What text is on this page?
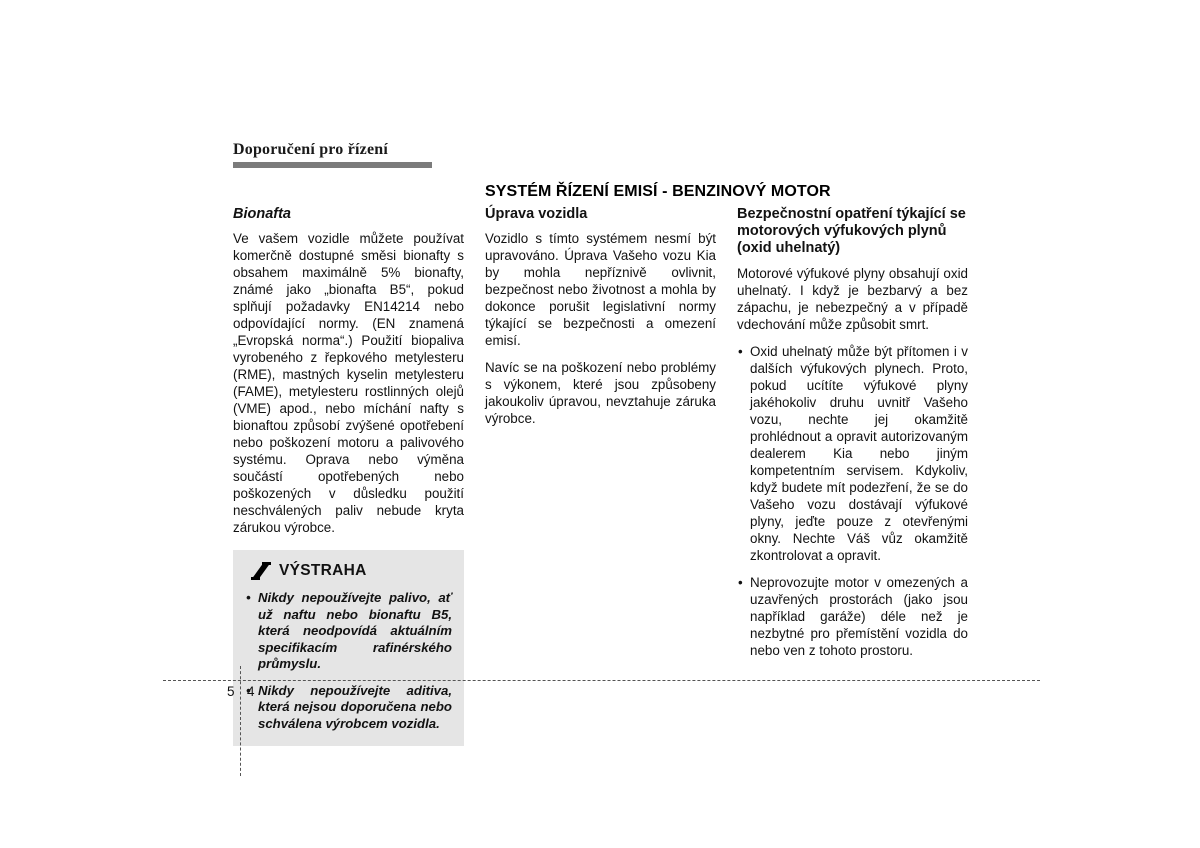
Doporučení pro řízení
SYSTÉM ŘÍZENÍ EMISÍ - BENZINOVÝ MOTOR
Bionafta

Ve vašem vozidle můžete používat komerčně dostupné směsi bionafty s obsahem maximálně 5% bionafty, známé jako „bionafta B5“, pokud splňují požadavky EN14214 nebo odpovídající normy. (EN znamená „Evropská norma“.) Použití biopaliva vyrobeného z řepkového metylesteru (RME), mastných kyselin metylesteru (FAME), metylesteru rostlinných olejů (VME) apod., nebo míchání nafty s bionaftou způsobí zvýšené opotřebení nebo poškození motoru a palivového systému. Oprava nebo výměna součástí opotřebených nebo poškozených v důsledku použití neschválených paliv nebude kryta zárukou výrobce.

VÝSTRAHA
• Nikdy nepoužívejte palivo, ať už naftu nebo bionaftu B5, která neodpovídá aktuálním specifikacím rafinérského průmyslu.
• Nikdy nepoužívejte aditiva, která nejsou doporučena nebo schválena výrobcem vozidla.
Úprava vozidla

Vozidlo s tímto systémem nesmí být upravováno. Úprava Vašeho vozu Kia by mohla nepříznivě ovlivnit, bezpečnost nebo životnost a mohla by dokonce porušit legislativní normy týkající se bezpečnosti a omezení emisí.

Navíc se na poškození nebo problémy s výkonem, které jsou způsobeny jakoukoliv úpravou, nevztahuje záruka výrobce.

Bezpečnostní opatření týkající se motorových výfukových plynů (oxid uhelnatý)

Motorové výfukové plyny obsahují oxid uhelnatý. I když je bezbarvý a bez zápachu, je nebezpečný a v případě vdechování může způsobit smrt.

• Oxid uhelnatý může být přítomen i v dalších výfukových plynech. Proto, pokud ucítíte výfukové plyny jakéhokoliv druhu uvnitř Vašeho vozu, nechte jej okamžitě prohlédnout a opravit autorizovaným dealerem Kia nebo jiným kompetentním servisem. Kdykoliv, když budete mít podezření, že se do Vašeho vozu dostávají výfukové plyny, jeďte pouze z otevřenými okny. Nechte Váš vůz okamžitě zkontrolovat a opravit.
• Neprovozujte motor v omezených a uzavřených prostorách (jako jsou například garáže) déle než je nezbytné pro přemístění vozidla do nebo ven z tohoto prostoru.
5 4
